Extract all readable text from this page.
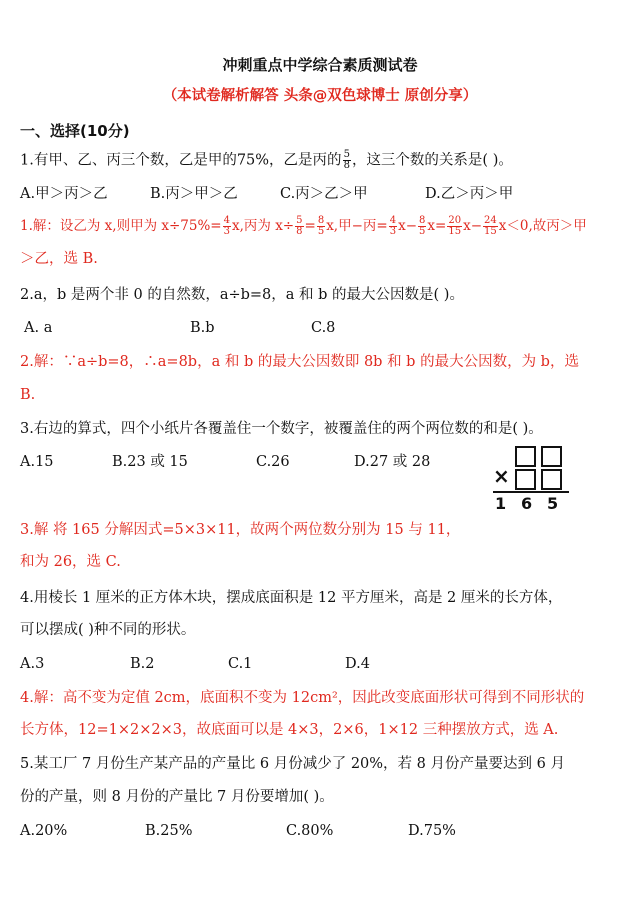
冲刺重点中学综合素质测试卷
（本试卷解析解答 头条@双色球博士 原创分享）
一、选择(10分)
1.有甲、乙、丙三个数，乙是甲的75%，乙是丙的 $\frac{5}{8}$ ，这三个数的关系是( )。
A.甲＞丙＞乙	B.丙＞甲＞乙	C.丙＞乙＞甲	D.乙＞丙＞甲
1.解：设乙为 x,则甲为 $x\div 75\%= \frac{4}{3} x$,丙为 $x\div \frac{5}{8} = \frac{8}{5} x$,甲−丙= $\frac{4}{3} x- \frac{8}{5} x= \frac{20}{15} x- \frac{24}{15} x<0$,故丙＞甲
＞乙，选 B.
2.a，b 是两个非 0 的自然数，a÷b=8，a 和 b 的最大公因数是( )。
A. a	B.b	C.8
2.解：∵a÷b=8，∴a=8b，a 和 b 的最大公因数即 8b 和 b 的最大公因数，为 b，选
B.
3.右边的算式，四个小纸片各覆盖住一个数字，被覆盖住的两个两位数的和是( )。
A.15	B.23 或 15	C.26	D.27 或 28
×
1 6 5
3.解 将 165 分解因式=5×3×11，故两个两位数分别为 15 与 11，
和为 26，选 C.
4.用棱长 1 厘米的正方体木块，摆成底面积是 12 平方厘米，高是 2 厘米的长方体，
可以摆成( )种不同的形状。
A.3	B.2	C.1	D.4
4.解：高不变为定值 2cm，底面积不变为 12cm²，因此改变底面形状可得到不同形状的
长方体，12=1×2×2×3，故底面可以是 4×3，2×6，1×12 三种摆放方式，选 A.
5.某工厂 7 月份生产某产品的产量比 6 月份减少了 20%，若 8 月份产量要达到 6 月
份的产量，则 8 月份的产量比 7 月份要增加( )。
A.20%	B.25%	C.80%	D.75%
